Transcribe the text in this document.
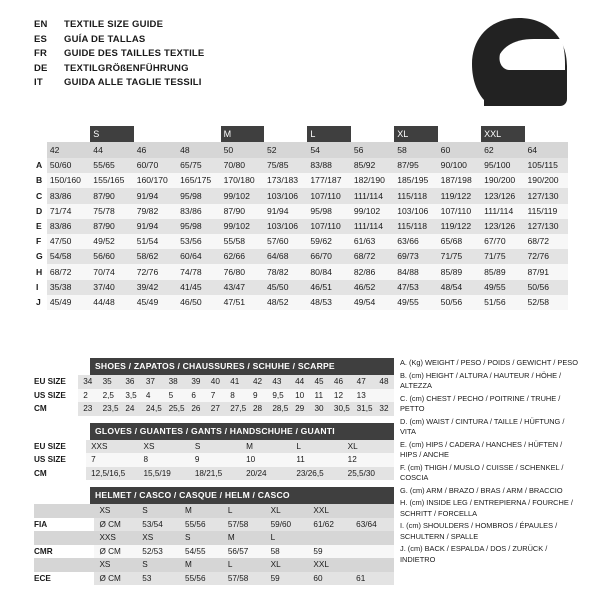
EN	TEXTILE SIZE GUIDE
ES	GUÍA DE TALLAS
FR	GUIDE DES TAILLES TEXTILE
DE	TEXTILGRÖßENFÜHRUNG
IT	GUIDA ALLE TAGLIE TESSILI
		S			M		L		XL		XXL	
	42	44	46	48	50	52	54	56	58	60	62	64
A	50/60	55/65	60/70	65/75	70/80	75/85	83/88	85/92	87/95	90/100	95/100	105/115
B	150/160	155/165	160/170	165/175	170/180	173/183	177/187	182/190	185/195	187/198	190/200	190/200
C	83/86	87/90	91/94	95/98	99/102	103/106	107/110	111/114	115/118	119/122	123/126	127/130
D	71/74	75/78	79/82	83/86	87/90	91/94	95/98	99/102	103/106	107/110	111/114	115/119
E	83/86	87/90	91/94	95/98	99/102	103/106	107/110	111/114	115/118	119/122	123/126	127/130
F	47/50	49/52	51/54	53/56	55/58	57/60	59/62	61/63	63/66	65/68	67/70	68/72
G	54/58	56/60	58/62	60/64	62/66	64/68	66/70	68/72	69/73	71/75	71/75	72/76
H	68/72	70/74	72/76	74/78	76/80	78/82	80/84	82/86	84/88	85/89	85/89	87/91
I	35/38	37/40	39/42	41/45	43/47	45/50	46/51	46/52	47/53	48/54	49/55	50/56
J	45/49	44/48	45/49	46/50	47/51	48/52	48/53	49/54	49/55	50/56	51/56	52/58
SHOES / ZAPATOS / CHAUSSURES / SCHUHE / SCARPE
EU SIZE	34	35	36	37	38	39	40	41	42	43	44	45	46	47	48
US SIZE	2	2,5	3,5	4	5	6	7	8	9	9,5	10	11	12	13	
CM	23	23,5	24	24,5	25,5	26	27	27,5	28	28,5	29	30	30,5	31,5	32
GLOVES / GUANTES / GANTS / HANDSCHUHE / GUANTI
EU SIZE	XXS	XS	S	M	L	XL
US SIZE	7	8	9	10	11	12
CM	12,5/16,5	15,5/19	18/21,5	20/24	23/26,5	25,5/30
HELMET / CASCO / CASQUE / HELM / CASCO
	XS	S	M	L	XL	XXL	
FIA	Ø CM	53/54	55/56	57/58	59/60	61/62	63/64
	XXS	XS	S	M	L		
CMR	Ø CM	52/53	54/55	56/57	58	59	
	XS	S	M	L	XL	XXL	
ECE	Ø CM	53	55/56	57/58	59	60	61
A. (Kg) WEIGHT / PESO / POIDS / GEWICHT / PESO
B. (cm) HEIGHT / ALTURA / HAUTEUR / HÖHE / ALTEZZA
C. (cm) CHEST / PECHO / POITRINE / TRUHE / PETTO
D. (cm) WAIST / CINTURA / TAILLE / HÜFTUNG / VITA
E. (cm) HIPS / CADERA / HANCHES / HÜFTEN / HIPS / ANCHE
F. (cm) THIGH / MUSLO / CUISSE / SCHENKEL / COSCIA
G. (cm) ARM / BRAZO / BRAS / ARM / BRACCIO
H. (cm) INSIDE LEG / ENTREPIERNA / FOURCHE / SCHRITT / FORCELLA
I. (cm) SHOULDERS / HOMBROS / ÉPAULES / SCHULTERN / SPALLE
J. (cm) BACK / ESPALDA / DOS / ZURÜCK / INDIETRO
